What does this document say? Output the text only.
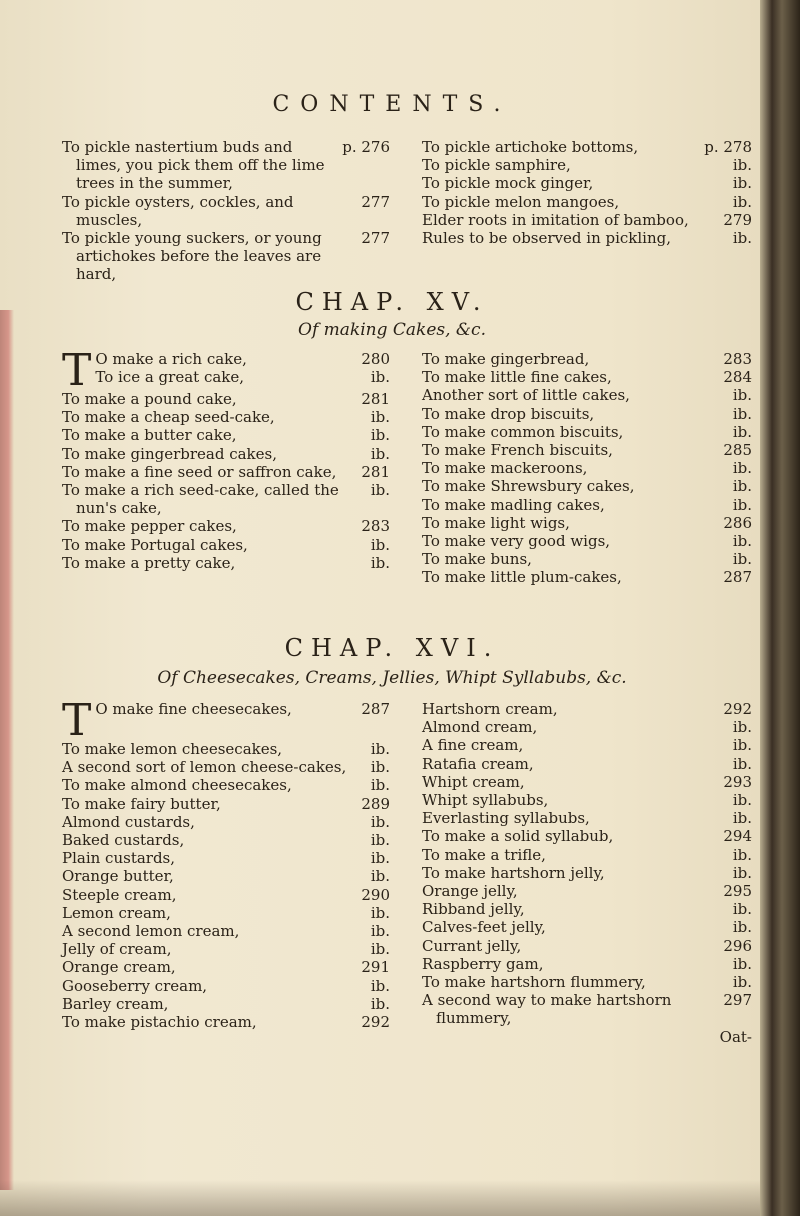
CONTENTS.
To pickle nastertium buds and limes, you pick them off the lime trees in the summer,
p. 276
To pickle oysters, cockles, and muscles,
277
To pickle young suckers, or young artichokes before the leaves are hard,
277
To pickle artichoke bottoms,	p. 278
To pickle samphire,	ib.
To pickle mock ginger,	ib.
To pickle melon mangoes,	ib.
Elder roots in imitation of bamboo,	279
Rules to be observed in pickling,	ib.
CHAP. XV.
Of making Cakes, &c.
T O make a rich cake,	280
To ice a great cake,	ib.
To make a pound cake,	281
To make a cheap seed-cake,	ib.
To make a butter cake,	ib.
To make gingerbread cakes,	ib.
To make a fine seed or saffron cake,	281
To make a rich seed-cake, called the nun's cake,
ib.
To make pepper cakes,	283
To make Portugal cakes,	ib.
To make a pretty cake,	ib.
To make gingerbread,	283
To make little fine cakes,	284
Another sort of little cakes,	ib.
To make drop biscuits,	ib.
To make common biscuits,	ib.
To make French biscuits,	285
To make mackeroons,	ib.
To make Shrewsbury cakes,	ib.
To make madling cakes,	ib.
To make light wigs,	286
To make very good wigs,	ib.
To make buns,	ib.
To make little plum-cakes,	287
CHAP. XVI.
Of Cheesecakes, Creams, Jellies, Whipt Syllabubs, &c.
T O make fine cheesecakes,	287
To make lemon cheesecakes,	ib.
A second sort of lemon cheese-cakes,	ib.
To make almond cheesecakes,	ib.
To make fairy butter,	289
Almond custards,	ib.
Baked custards,	ib.
Plain custards,	ib.
Orange butter,	ib.
Steeple cream,	290
Lemon cream,	ib.
A second lemon cream,	ib.
Jelly of cream,	ib.
Orange cream,	291
Gooseberry cream,	ib.
Barley cream,	ib.
To make pistachio cream,	292
Hartshorn cream,	292
Almond cream,	ib.
A fine cream,	ib.
Ratafia cream,	ib.
Whipt cream,	293
Whipt syllabubs,	ib.
Everlasting syllabubs,	ib.
To make a solid syllabub,	294
To make a trifle,	ib.
To make hartshorn jelly,	ib.
Orange jelly,	295
Ribband jelly,	ib.
Calves-feet jelly,	ib.
Currant jelly,	296
Raspberry gam,	ib.
To make hartshorn flummery,	ib.
A second way to make hartshorn flummery,
297
Oat-
